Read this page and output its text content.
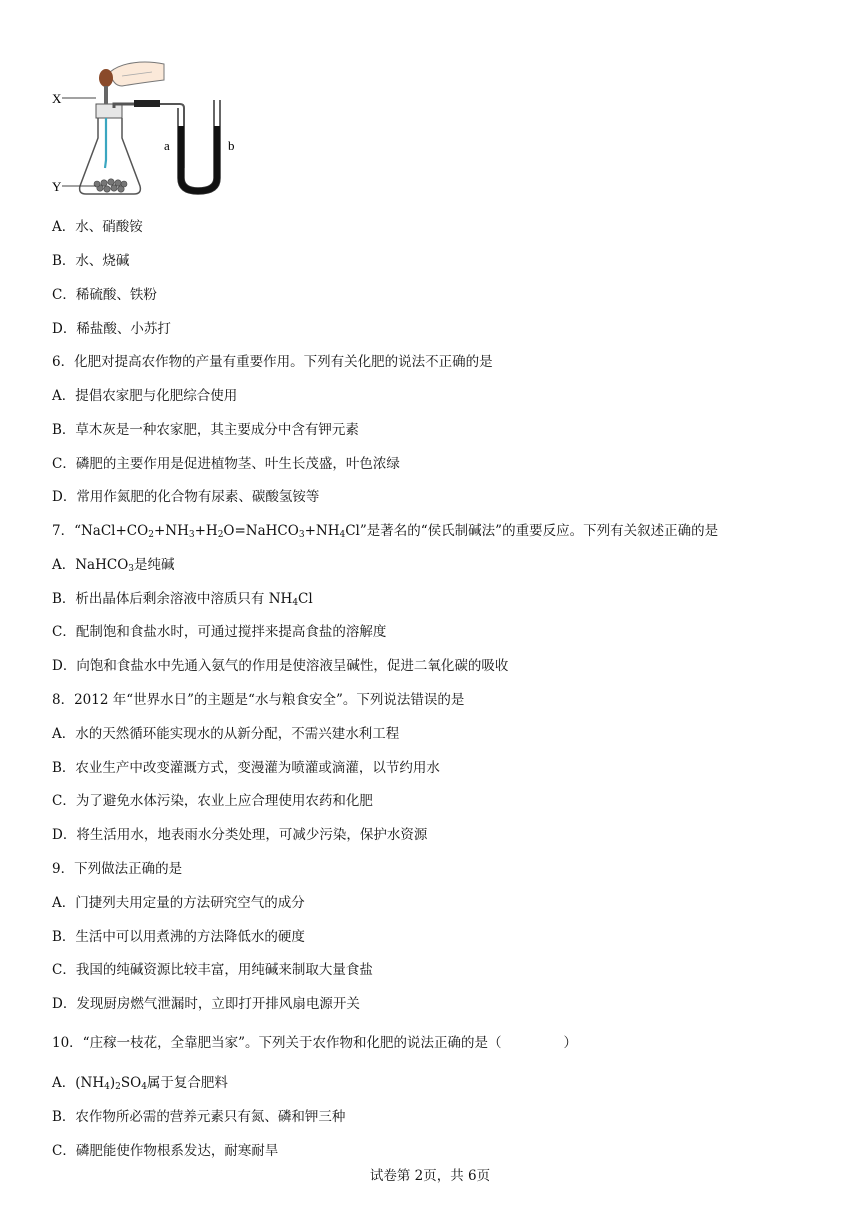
X
Y
a	b
A．水、硝酸铵
B．水、烧碱
C．稀硫酸、铁粉
D．稀盐酸、小苏打
6．化肥对提高农作物的产量有重要作用。下列有关化肥的说法不正确的是
A．提倡农家肥与化肥综合使用
B．草木灰是一种农家肥，其主要成分中含有钾元素
C．磷肥的主要作用是促进植物茎、叶生长茂盛，叶色浓绿
D．常用作氮肥的化合物有尿素、碳酸氢铵等
7．“$NaCl+CO_2+NH_3+H_2O=NaHCO_3+NH_4Cl$”是著名的“侯氏制碱法”的重要反应。下列有关叙述正确的是
A．NaHCO$_3$是纯碱
B．析出晶体后剩余溶液中溶质只有 $NH_4Cl$
C．配制饱和食盐水时，可通过搅拌来提高食盐的溶解度
D．向饱和食盐水中先通入氨气的作用是使溶液呈碱性，促进二氧化碳的吸收
8．2012 年“世界水日”的主题是“水与粮食安全”。下列说法错误的是
A．水的天然循环能实现水的从新分配，不需兴建水利工程
B．农业生产中改变灌溉方式，变漫灌为喷灌或滴灌，以节约用水
C．为了避免水体污染，农业上应合理使用农药和化肥
D．将生活用水，地表雨水分类处理，可减少污染，保护水资源
9．下列做法正确的是
A．门捷列夫用定量的方法研究空气的成分
B．生活中可以用煮沸的方法降低水的硬度
C．我国的纯碱资源比较丰富，用纯碱来制取大量食盐
D．发现厨房燃气泄漏时，立即打开排风扇电源开关
10．“庄稼一枝花，全靠肥当家”。下列关于农作物和化肥的说法正确的是（	）
A．$(NH_4)_2SO_4$属于复合肥料
B．农作物所必需的营养元素只有氮、磷和钾三种
C．磷肥能使作物根系发达，耐寒耐旱
试卷第 2页，共 6页
